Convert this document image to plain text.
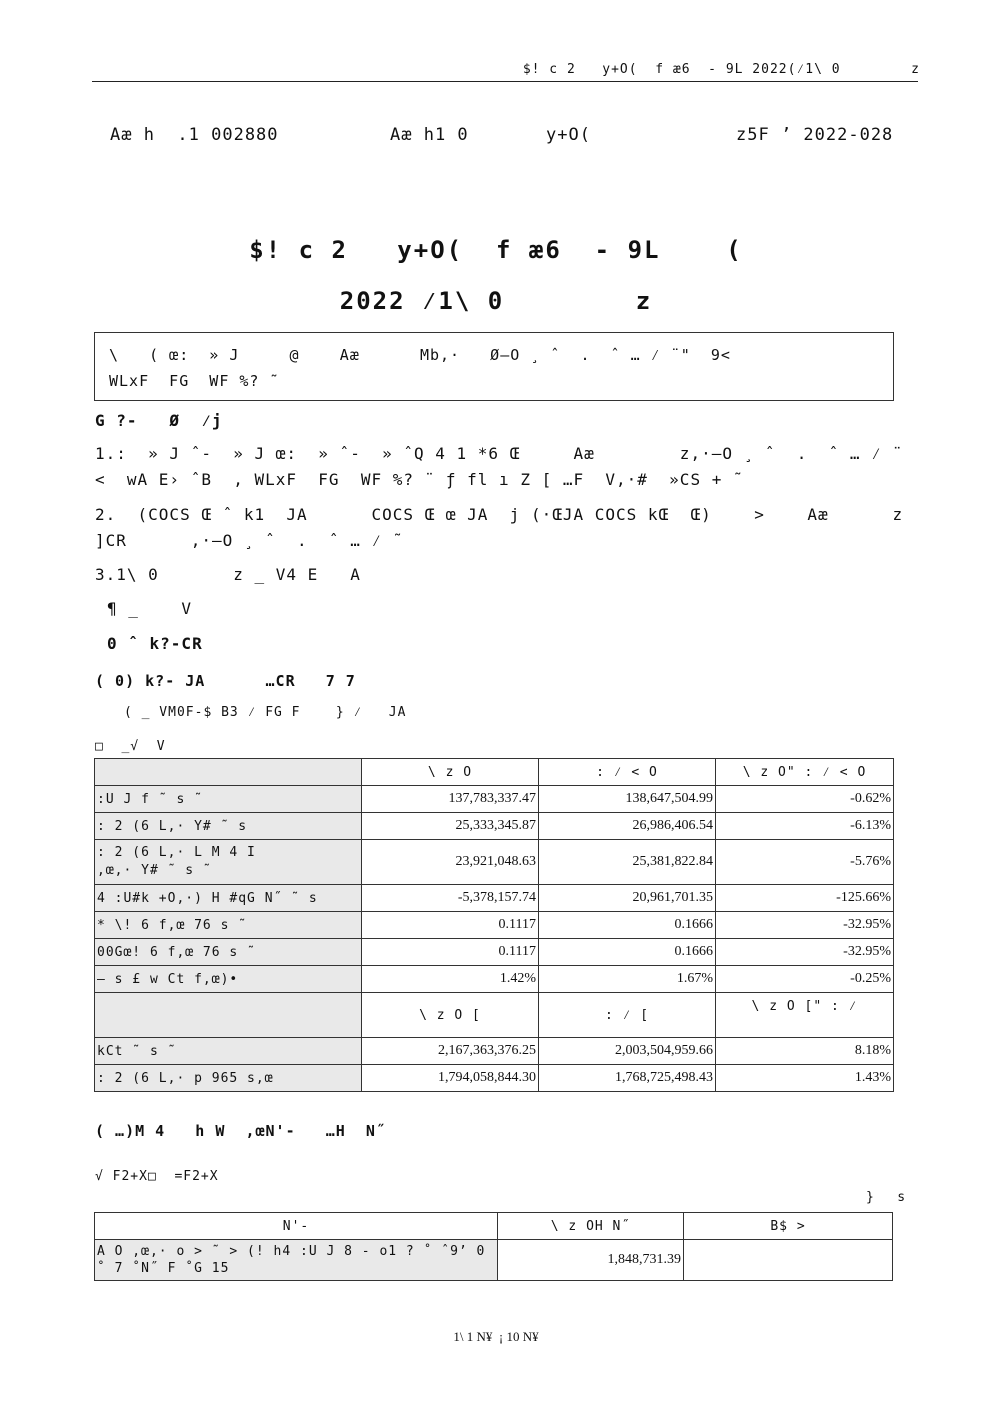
$! c 2   y+O(  f æ6  - 9L 2022(⁄1\ 0        z
Aæ h  .1 002880	Aæ h1 0	y+O(	z5F ’ 2022-028
$! c 2   y+O(  f æ6  - 9L    (
2022 ⁄1\ 0        z
\   ( œ:  » J     @    Aæ      Mb,·   Ø—O ¸ ˆ  .  ˆ … ⁄ ¨"  9<
WLxF  FG  WF %? ˜
G ?-   Ø  ⁄j
1.:  » J ˆ-  » J œ:  » ˆ-  » ˆQ 4 1 *6 Œ     Aæ        z,·—O ¸ ˆ  .  ˆ … ⁄ ¨
<  wA E› ˆB  , WLxF  FG  WF %? ¨ ƒ fl ı Z [ …F  V,·#  »CS + ˜
2.  (COCS Œ ˆ k1  JA      COCS Œ œ JA  j (·ŒJA COCS kŒ  Œ)    >    Aæ      z
]CR      ,·—O ¸ ˆ  .  ˆ … ⁄ ˜
3.1\ 0       z _ V4 E   A
¶ _    V
0 ˆ k?-CR
( 0) k?- JA      …CR   7 7
( _ VM0F-$ B3 ⁄ FG F    } ⁄   JA
□  _√  V
	\ z O	: ⁄ < O	\ z O" : ⁄ < O
:U J f ˜ s ˜	137,783,337.47	138,647,504.99	-0.62%
: 2 (6 L,· Y# ˜ s	25,333,345.87	26,986,406.54	-6.13%

: 2 (6 L,· L M 4 I
,œ,· Y# ˜ s ˜	23,921,048.63	25,381,822.84	-5.76%
4 :U#k +O,·) H #qG N˝ ˜ s	-5,378,157.74	20,961,701.35	-125.66%
* \! 6 f,œ 76 s ˜	0.1117	0.1666	-32.95%
00Gœ! 6 f,œ 76 s ˜	0.1117	0.1666	-32.95%
— s £ w Ct f,œ)•	1.42%	1.67%	-0.25%
	\ z O [	: ⁄ [	\ z O [" : ⁄
kCt ˜ s ˜	2,167,363,376.25	2,003,504,959.66	8.18%
: 2 (6 L,· p 965 s,œ	1,794,058,844.30	1,768,725,498.43	1.43%
( …)M 4   h W  ,œN'-   …H  N˝
√ F2+X□  =F2+X
}   s
N'-	\ z OH N˝	B$ >
A O ,œ,· o > ˜ > (! h4 :U J 8 - o1 ? ˚ ˆ9’ 0 ˚ 7 ˚N˝ F ˚G 15	1,848,731.39	
1\ 1 N¥  ¡ 10 N¥
